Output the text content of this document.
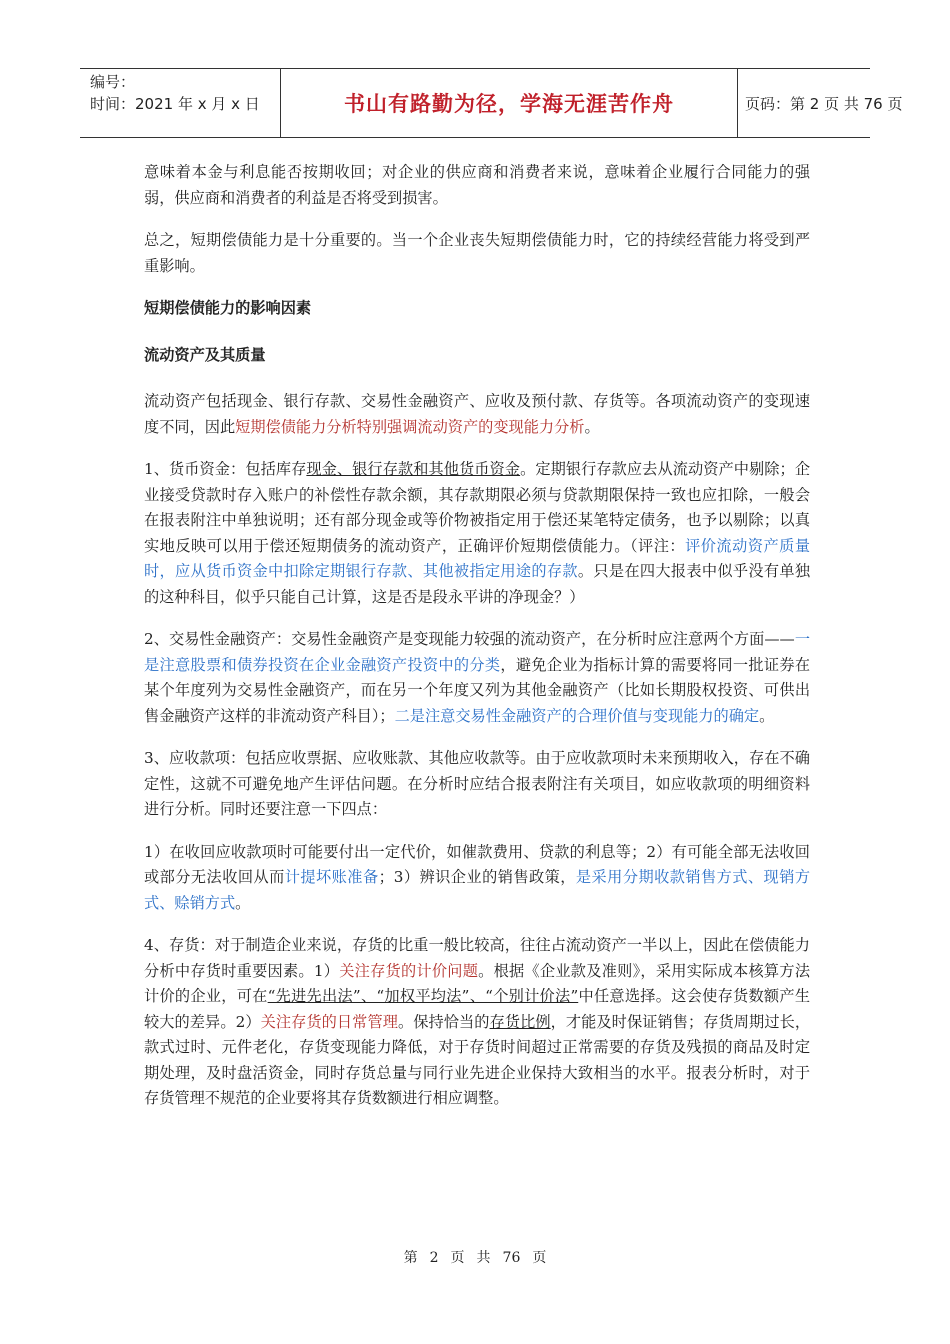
编号：
时间：2021 年 x 月 x 日	书山有路勤为径，学海无涯苦作舟	页码：第 2 页 共 76 页

意味着本金与利息能否按期收回；对企业的供应商和消费者来说，意味着企业履行合同能力的强弱，供应商和消费者的利益是否将受到损害。

总之，短期偿债能力是十分重要的。当一个企业丧失短期偿债能力时，它的持续经营能力将受到严重影响。

短期偿债能力的影响因素

流动资产及其质量

流动资产包括现金、银行存款、交易性金融资产、应收及预付款、存货等。各项流动资产的变现速度不同，因此短期偿债能力分析特别强调流动资产的变现能力分析。

1、货币资金：包括库存现金、银行存款和其他货币资金。定期银行存款应去从流动资产中剔除；企业接受贷款时存入账户的补偿性存款余额，其存款期限必须与贷款期限保持一致也应扣除，一般会在报表附注中单独说明；还有部分现金或等价物被指定用于偿还某笔特定债务，也予以剔除；以真实地反映可以用于偿还短期债务的流动资产，正确评价短期偿债能力。（评注：评价流动资产质量时，应从货币资金中扣除定期银行存款、其他被指定用途的存款。只是在四大报表中似乎没有单独的这种科目，似乎只能自己计算，这是否是段永平讲的净现金？）

2、交易性金融资产：交易性金融资产是变现能力较强的流动资产，在分析时应注意两个方面——一是注意股票和债券投资在企业金融资产投资中的分类，避免企业为指标计算的需要将同一批证券在某个年度列为交易性金融资产，而在另一个年度又列为其他金融资产（比如长期股权投资、可供出售金融资产这样的非流动资产科目）；二是注意交易性金融资产的合理价值与变现能力的确定。

3、应收款项：包括应收票据、应收账款、其他应收款等。由于应收款项时未来预期收入，存在不确定性，这就不可避免地产生评估问题。在分析时应结合报表附注有关项目，如应收款项的明细资料进行分析。同时还要注意一下四点：

1）在收回应收款项时可能要付出一定代价，如催款费用、贷款的利息等；2）有可能全部无法收回或部分无法收回从而计提坏账准备；3）辨识企业的销售政策，是采用分期收款销售方式、现销方式、赊销方式。

4、存货：对于制造企业来说，存货的比重一般比较高，往往占流动资产一半以上，因此在偿债能力分析中存货时重要因素。1）关注存货的计价问题。根据《企业款及准则》，采用实际成本核算方法计价的企业，可在“先进先出法”、“加权平均法”、“个别计价法”中任意选择。这会使存货数额产生较大的差异。2）关注存货的日常管理。保持恰当的存货比例，才能及时保证销售；存货周期过长，款式过时、元件老化，存货变现能力降低，对于存货时间超过正常需要的存货及残损的商品及时定期处理，及时盘活资金，同时存货总量与同行业先进企业保持大致相当的水平。报表分析时，对于存货管理不规范的企业要将其存货数额进行相应调整。

第 2 页 共 76 页
